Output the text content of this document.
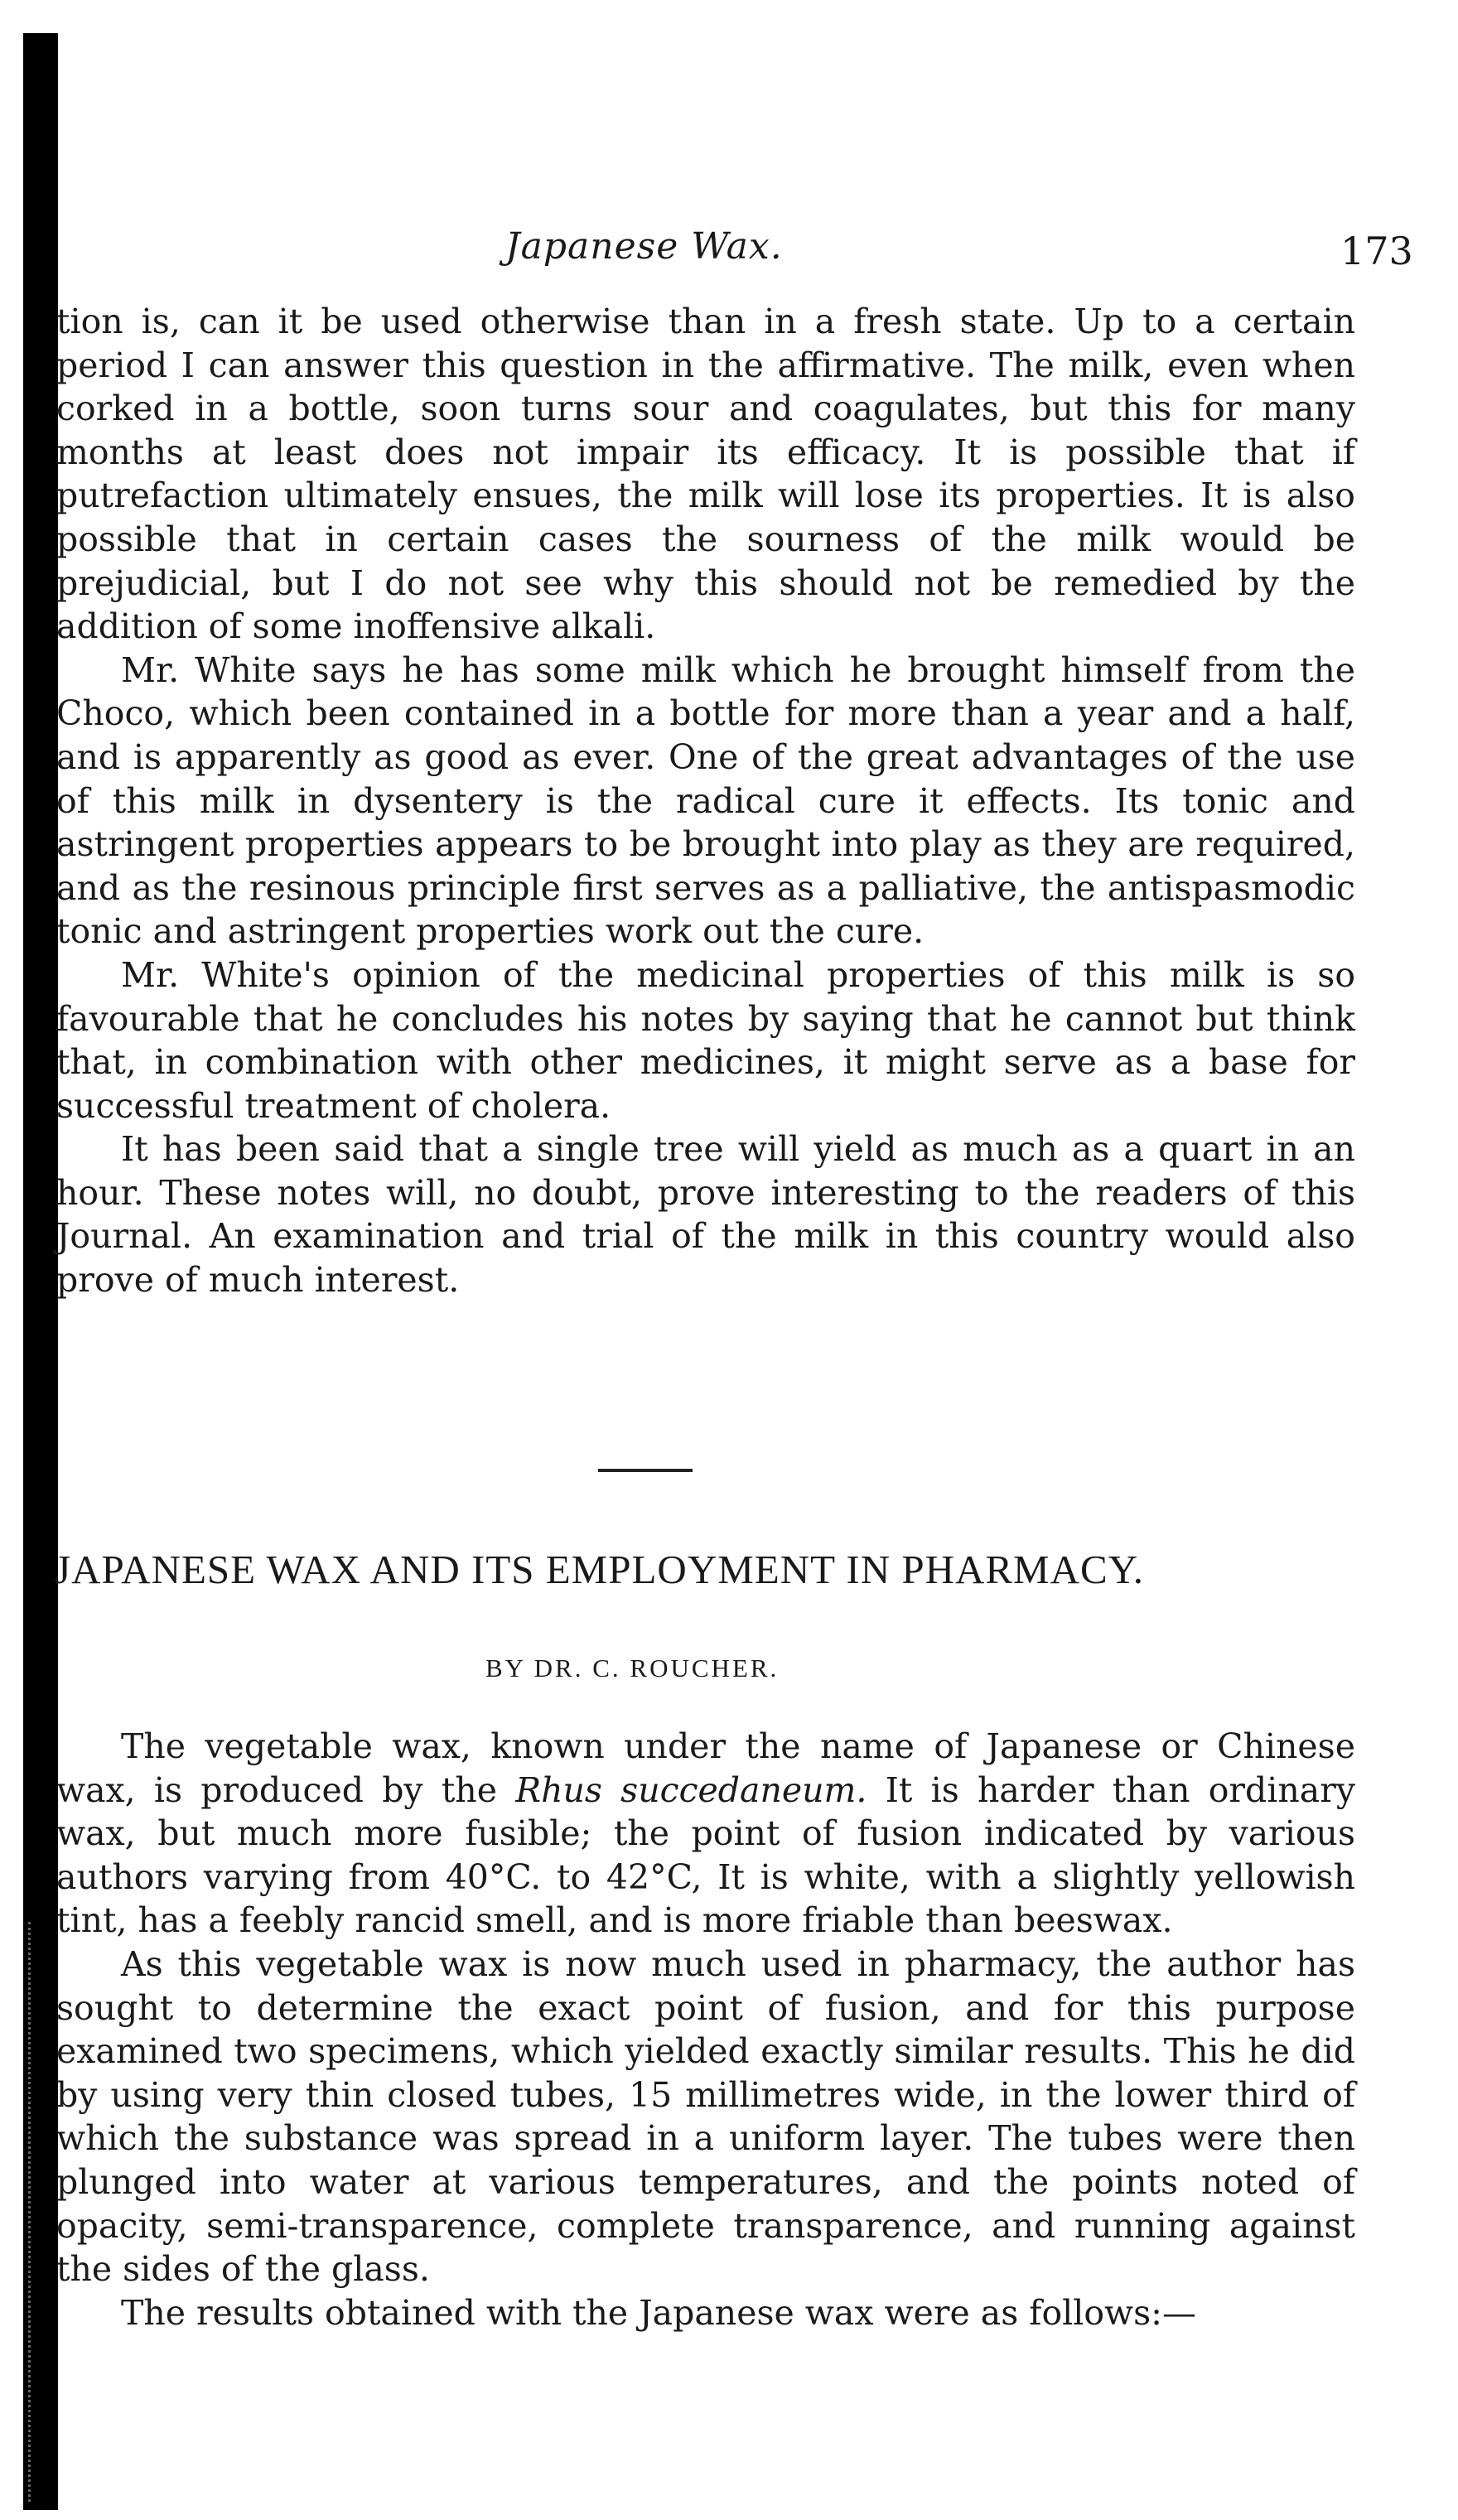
Japanese Wax.	173

tion is, can it be used otherwise than in a fresh state. Up to a certain period I can answer this question in the affirmative. The milk, even when corked in a bottle, soon turns sour and coagulates, but this for many months at least does not impair its efficacy. It is possible that if putrefaction ultimately ensues, the milk will lose its properties. It is also possible that in certain cases the sourness of the milk would be prejudicial, but I do not see why this should not be remedied by the addition of some inoffensive alkali.

Mr. White says he has some milk which he brought himself from the Choco, which been contained in a bottle for more than a year and a half, and is apparently as good as ever. One of the great advantages of the use of this milk in dysentery is the radical cure it effects. Its tonic and astringent properties appears to be brought into play as they are required, and as the resinous principle first serves as a palliative, the antispasmodic tonic and astringent properties work out the cure.

Mr. White's opinion of the medicinal properties of this milk is so favourable that he concludes his notes by saying that he cannot but think that, in combination with other medicines, it might serve as a base for successful treatment of cholera.

It has been said that a single tree will yield as much as a quart in an hour. These notes will, no doubt, prove interesting to the readers of this Journal. An examination and trial of the milk in this country would also prove of much interest.

JAPANESE WAX AND ITS EMPLOYMENT IN PHARMACY.
BY DR. C. ROUCHER.

The vegetable wax, known under the name of Japanese or Chinese wax, is produced by the Rhus succedaneum. It is harder than ordinary wax, but much more fusible; the point of fusion indicated by various authors varying from 40°C. to 42°C, It is white, with a slightly yellowish tint, has a feebly rancid smell, and is more friable than beeswax.

As this vegetable wax is now much used in pharmacy, the author has sought to determine the exact point of fusion, and for this purpose examined two specimens, which yielded exactly similar results. This he did by using very thin closed tubes, 15 millimetres wide, in the lower third of which the substance was spread in a uniform layer. The tubes were then plunged into water at various temperatures, and the points noted of opacity, semi-transparence, complete transparence, and running against the sides of the glass.

The results obtained with the Japanese wax were as follows:—
